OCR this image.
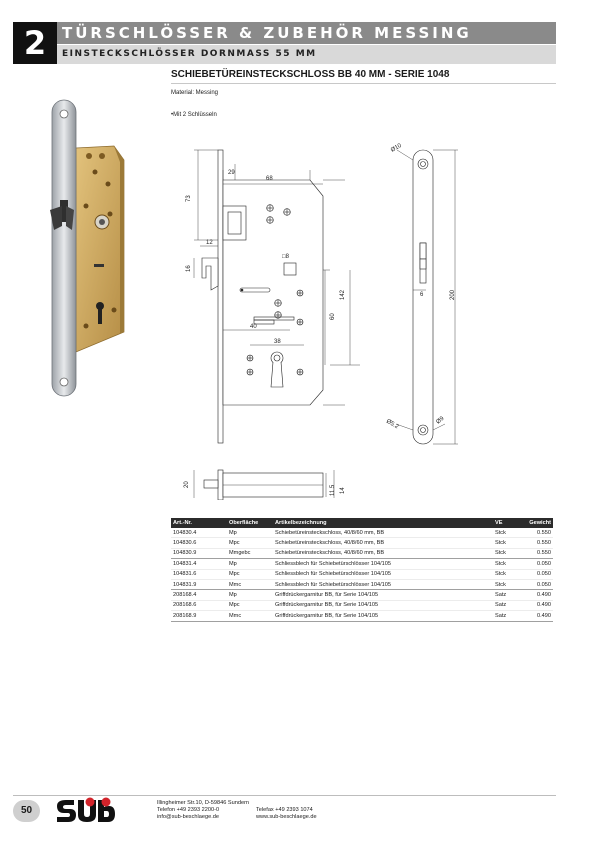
2	TÜRSCHLÖSSER & ZUBEHÖR MESSING
EINSTECKSCHLÖSSER DORNMASS 55 MM
SCHIEBETÜREINSTECKSCHLOSS BB 40 MM - SERIE 1048
Material: Messing
• Mit 2 Schlüsseln
29
68
73
12
16
□8
142
60
40
38
Ø10
6	200
Ø5.2	Ø9
20
11.5 14
Art.-Nr.	Oberfläche	Artikelbezeichnung	VE	Gewicht
104830.4	Mp	Schiebetüreinsteckschloss, 40/8/60 mm, BB	Stck	0.550
104830.6	Mpc	Schiebetüreinsteckschloss, 40/8/60 mm, BB	Stck	0.550
104830.9	Mmgebc	Schiebetüreinsteckschloss, 40/8/60 mm, BB	Stck	0.550
104831.4	Mp	Schliessblech für Schiebetürschlösser 104/105	Stck	0.050
104831.6	Mpc	Schliessblech für Schiebetürschlösser 104/105	Stck	0.050
104831.9	Mmc	Schliessblech für Schiebetürschlösser 104/105	Stck	0.050
208168.4	Mp	Griffdrückergarnitur BB, für Serie 104/105	Satz	0.490
208168.6	Mpc	Griffdrückergarnitur BB, für Serie 104/105	Satz	0.490
208168.9	Mmc	Griffdrückergarnitur BB, für Serie 104/105	Satz	0.490
50
Illingheimer Str.10, D-59846 Sundern
Telefon +49 2393 2200-0	Telefax +49 2393 1074
info@sub-beschlaege.de	www.sub-beschlaege.de
